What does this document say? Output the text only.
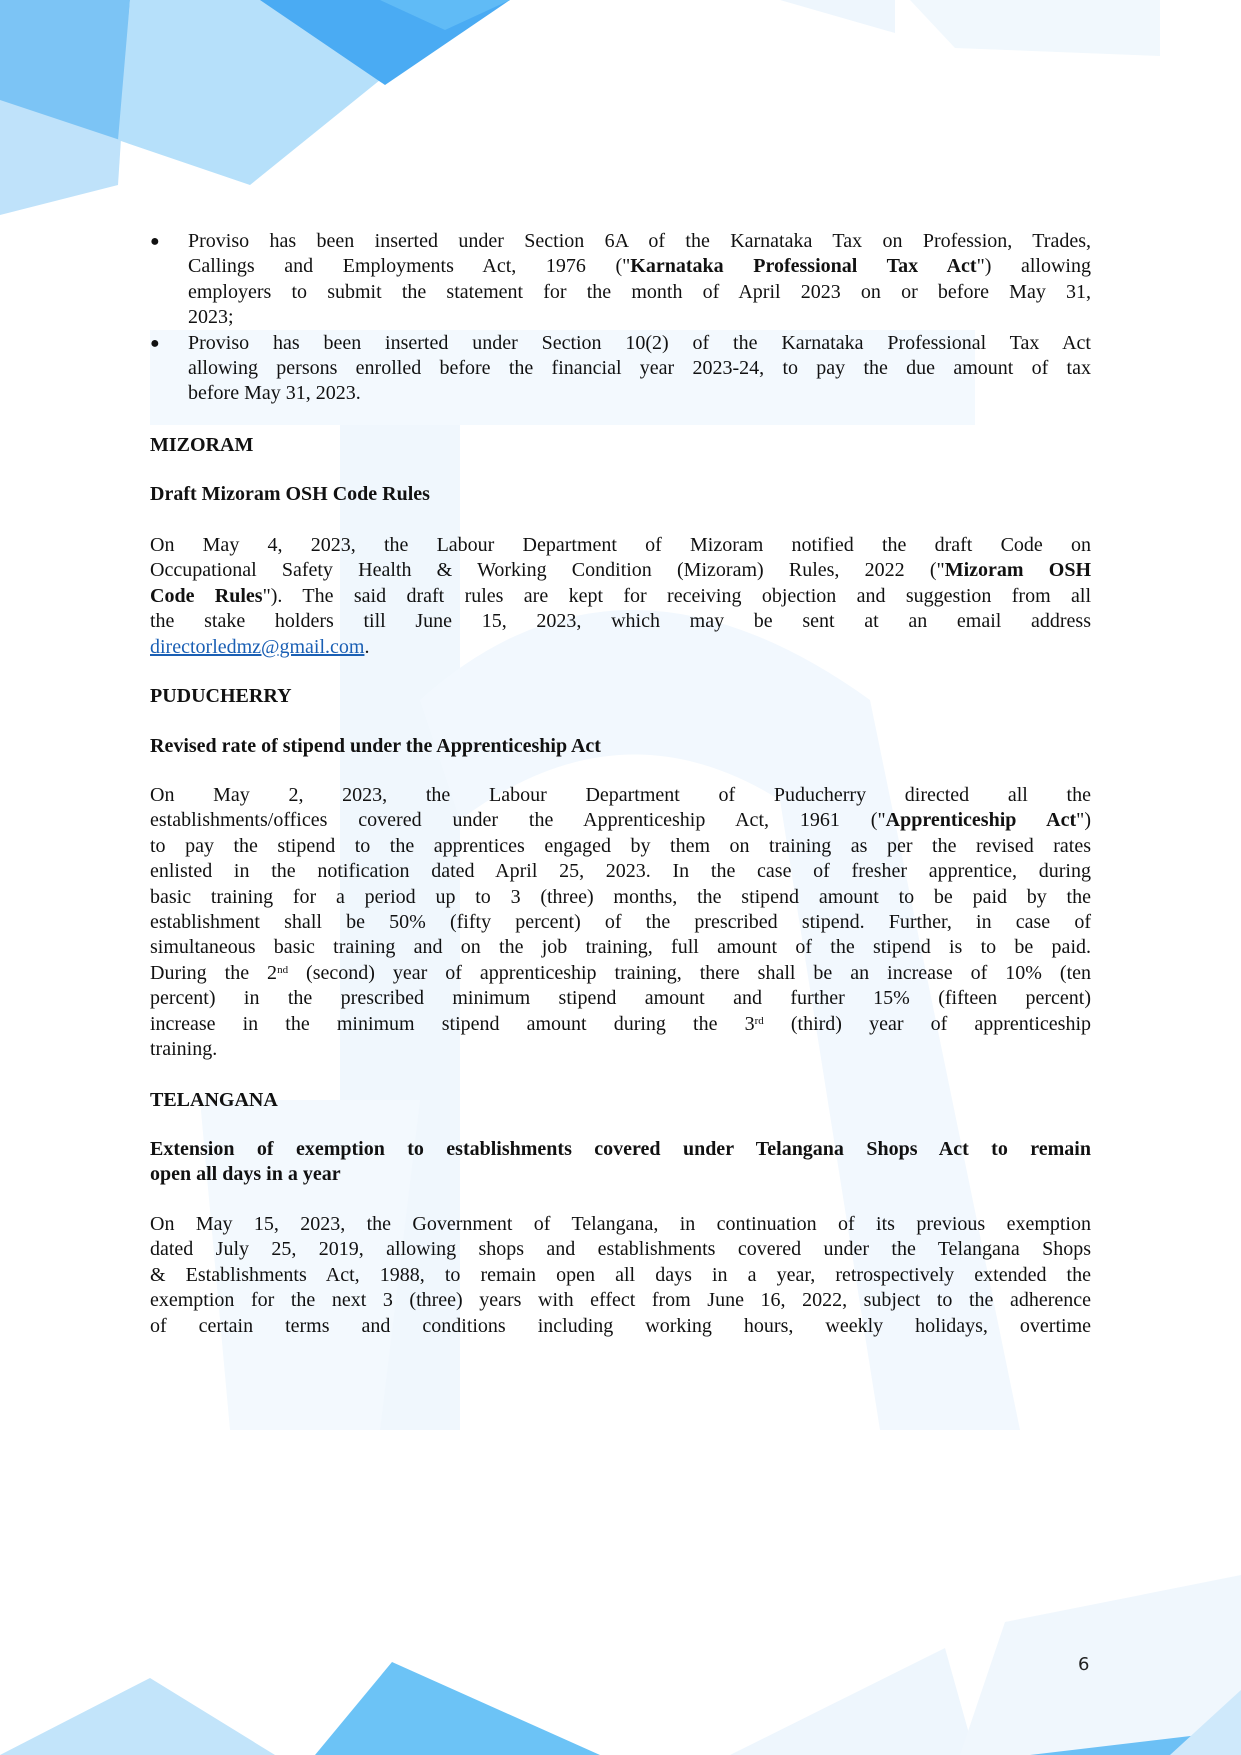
● Proviso has been inserted under Section 6A of the Karnataka Tax on Profession, Trades,
Callings and Employments Act, 1976 ("Karnataka Professional Tax Act") allowing
employers to submit the statement for the month of April 2023 on or before May 31,
2023;
● Proviso has been inserted under Section 10(2) of the Karnataka Professional Tax Act
allowing persons enrolled before the financial year 2023-24, to pay the due amount of tax
before May 31, 2023.
MIZORAM
Draft Mizoram OSH Code Rules
On May 4, 2023, the Labour Department of Mizoram notified the draft Code on
Occupational Safety Health & Working Condition (Mizoram) Rules, 2022 ("Mizoram OSH
Code Rules"). The said draft rules are kept for receiving objection and suggestion from all
the stake holders till June 15, 2023, which may be sent at an email address
directorledmz@gmail.com.
PUDUCHERRY
Revised rate of stipend under the Apprenticeship Act
On May 2, 2023, the Labour Department of Puducherry directed all the
establishments/offices covered under the Apprenticeship Act, 1961 ("Apprenticeship Act")
to pay the stipend to the apprentices engaged by them on training as per the revised rates
enlisted in the notification dated April 25, 2023. In the case of fresher apprentice, during
basic training for a period up to 3 (three) months, the stipend amount to be paid by the
establishment shall be 50% (fifty percent) of the prescribed stipend. Further, in case of
simultaneous basic training and on the job training, full amount of the stipend is to be paid.
During the 2nd (second) year of apprenticeship training, there shall be an increase of 10% (ten
percent) in the prescribed minimum stipend amount and further 15% (fifteen percent)
increase in the minimum stipend amount during the 3rd (third) year of apprenticeship
training.
TELANGANA
Extension of exemption to establishments covered under Telangana Shops Act to remain
open all days in a year
On May 15, 2023, the Government of Telangana, in continuation of its previous exemption
dated July 25, 2019, allowing shops and establishments covered under the Telangana Shops
& Establishments Act, 1988, to remain open all days in a year, retrospectively extended the
exemption for the next 3 (three) years with effect from June 16, 2022, subject to the adherence
of certain terms and conditions including working hours, weekly holidays, overtime
6
